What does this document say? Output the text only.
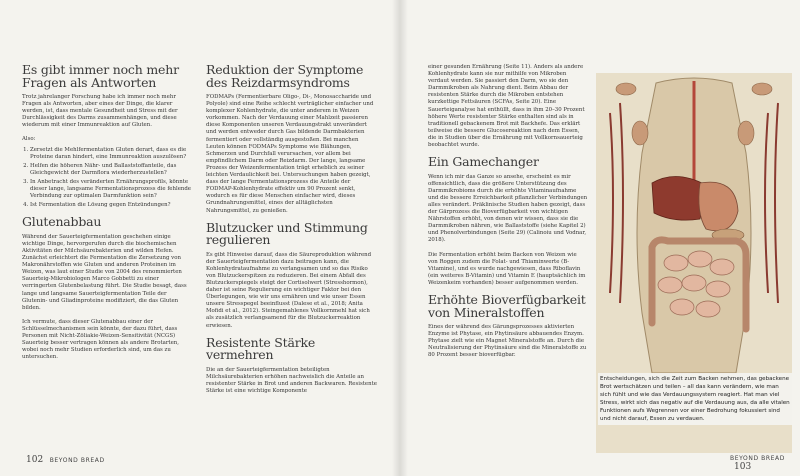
Es gibt immer noch mehr Fragen als Antworten

Trotz jahrelanger Forschung habe ich immer noch mehr Fragen als Antworten, aber eines der Dinge, die klarer werden, ist, dass mentale Gesundheit und Stress mit der Durchlässigkeit des Darms zusammenhängen, und diese wiederum mit einer Immunreaktion auf Gluten.

Also:

1. Zersetzt die Mehlfermentation Gluten derart, dass es die Proteine daran hindert, eine Immunreaktion auszulösen?
2. Helfen die höheren Nähr- und Ballaststoffanteile, das Gleichgewicht der Darmflora wiederherzustellen?
3. In Anbetracht des veränderten Ernährungsprofils, könnte dieser lange, langsame Fermentationsprozess die fehlende Verbindung zur optimalen Darmfunktion sein?
4. Ist Fermentation die Lösung gegen Entzündungen?
Glutenabbau

Während der Sauerteigfermentation geschehen einige wichtige Dinge, hervorgerufen durch die biochemischen Aktivitäten der Milchsäurebakterien und wilden Hefen. Zunächst erleichtert die Fermentation die Zersetzung von Makronährstoffen wie Gluten und anderen Proteinen im Weizen, was laut einer Studie von 2004 des renommierten Sauerteig-Mikrobiologen Marco Gobbetti zu einer verringerten Glutenbelastung führt. Die Studie besagt, dass lange und langsame Sauerteigfermentation Teile der Glutenin- und Gliadinproteine modifiziert, die das Gluten bilden.

Ich vermute, dass dieser Glutenabbau einer der Schlüsselmechanismen sein könnte, der dazu führt, dass Personen mit Nicht-Zöliakie-Weizen-Sensitivität (NCGS) Sauerteig besser vertragen können als andere Brotarten, wobei noch mehr Studien erforderlich sind, um das zu untersuchen.

Reduktion der Symptome des Reizdarmsyndroms

FODMAPs (Fermentierbare Oligo-, Di-, Monosaccharide und Polyole) sind eine Reihe schlecht verträglicher einfacher und komplexer Kohlenhydrate, die unter anderem in Weizen vorkommen. Nach der Verdauung einer Mahlzeit passieren diese Komponenten unseren Verdauungstrakt unverändert und werden entweder durch Gas bildende Darmbakterien fermentiert oder vollständig ausgestoßen. Bei manchen Leuten können FODMAPs Symptome wie Blähungen, Schmerzen und Durchfall verursachen, vor allem bei empfindlichem Darm oder Reizdarm. Der lange, langsame Prozess der Weizenfermentation trägt erheblich zu seiner leichten Verdaulichkeit bei. Untersuchungen haben gezeigt, dass der lange Fermentationsprozess die Anteile der FODMAP-Kohlenhydrate effektiv um 90 Prozent senkt, wodurch es für diese Menschen einfacher wird, dieses Grundnahrungsmittel, eines der alltäglichsten Nahrungsmittel, zu genießen.

Blutzucker und Stimmung regulieren

Es gibt Hinweise darauf, dass die Säureproduktion während der Sauerteigfermentation dazu beitragen kann, die Kohlenhydrataufnahme zu verlangsamen und so das Risiko von Blutzuckerspitzen zu reduzieren. Bei einem Abfall des Blutzuckerspiegels steigt der Cortisolwert (Stresshormon), daher ist seine Regulierung ein wichtiger Faktor bei den Überlegungen, wie wir uns ernähren und wie unser Essen unsere Stresspegel beeinflusst (Dalese et al., 2018; Anita Mofidi et al., 2012). Steingemahlenes Vollkornmehl hat sich als zusätzlich verlangsamend für die Blutzuckerreaktion erwiesen.

Resistente Stärke vermehren

Die an der Sauerteigfermentation beteiligten Milchsäurebakterien erhöhen nachweislich die Anteile an resistenter Stärke in Brot und anderen Backwaren. Resistente Stärke ist eine wichtige Komponente

102 BEYOND BREAD

einer gesunden Ernährung (Seite 11). Anders als andere Kohlenhydrate kann sie nur mithilfe von Mikroben verdaut werden. Sie passiert den Darm, wo sie den Darmmikroben als Nahrung dient. Beim Abbau der resistenten Stärke durch die Mikroben entstehen kurzkettige Fettsäuren (SCFAs, Seite 20). Eine Sauerteiganalyse hat enthüllt, dass in ihm 20–30 Prozent höhere Werte resistenter Stärke enthalten sind als in traditionell gebackenem Brot mit Backhefe. Das erklärt teilweise die bessere Glucosereaktion nach dem Essen, die in Studien über die Ernährung mit Vollkornsauerteig beobachtet wurde.

Ein Gamechanger

Wenn ich mir das Ganze so ansehe, erscheint es mir offensichtlich, dass die größere Unterstützung des Darmmikrobioms durch die erhöhte Vitaminaufnahme und die bessere Erreichbarkeit pflanzlicher Verbindungen alles verändert. Präklinische Studien haben gezeigt, dass der Gärprozess die Bioverfügbarkeit von wichtigen Nährstoffen erhöht, von denen wir wissen, dass sie die Darmmikroben nähren, wie Ballaststoffe (siehe Kapitel 2) und Phenolverbindungen (Seite 29) (Calinoiu und Vodnar, 2018).

Die Fermentation erhöht beim Backen von Weizen wie von Roggen zudem die Folat- und Thiaminwerte (B-Vitamine), und es wurde nachgewiesen, dass Riboflavin (ein weiteres B-Vitamin) und Vitamin E (hauptsächlich im Weizenkeim vorhanden) besser aufgenommen werden.

Erhöhte Bioverfügbarkeit von Mineralstoffen

Eines der während des Gärungsprozesses aktivierten Enzyme ist Phytase, ein Phytinsäure abbauendes Enzym. Phytase zielt wie ein Magnet Mineralstoffe an. Durch die Neutralisierung der Phytinsäure sind die Mineralstoffe zu 80 Prozent besser bioverfügbar.

BEYOND BREAD 103
Entscheidungen, sich die Zeit zum Backen nehmen, das gebackene Brot wertschätzen und teilen – all das kann verändern, wie man sich fühlt und wie das Verdauungssystem reagiert. Hat man viel Stress, wirkt sich das negativ auf die Verdauung aus, da alle vitalen Funktionen aufs Wegrennen vor einer Bedrohung fokussiert sind und nicht darauf, Essen zu verdauen.
